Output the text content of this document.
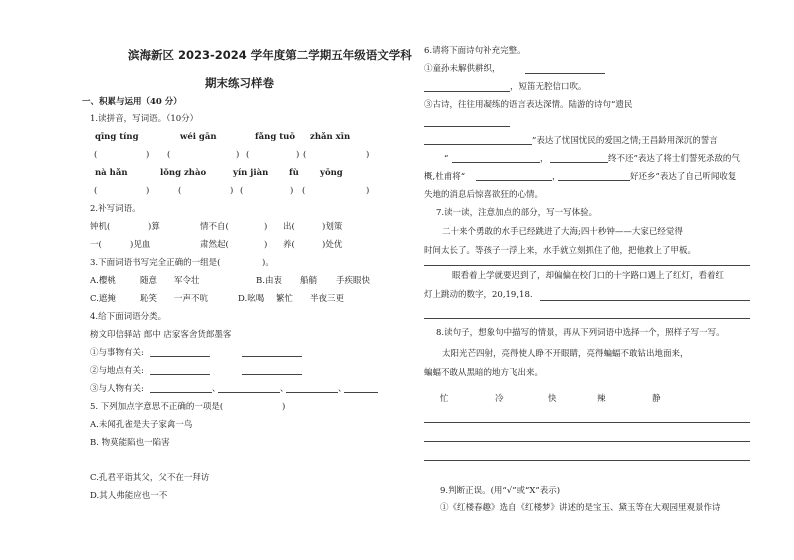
滨海新区 2023-2024 学年度第二学期五年级语文学科
期末练习样卷
一、积累与运用（40 分）
1.读拼音，写词语。（10分）
qīng tíng	wéi gān	fǎng tuō zhǎn xīn
(	) (	) (	) (	)
nà hǎn	lǒng zhào	yín jiàn fù yōng
(	)	(	) (	) (	)
2.补写词语。
钟机(	)算	情不自(	) 出(	)划策
一(	)见血	肃然起(	) 养(	)处优
3.下面词语书写完全正确的一组是(	)。
A.樱桃	随意 军令壮	B.由衷 船艄 手疾眼快
C.遮掩	恥笑 一声不吭	D.吆喝 繁忙 半夜三更
4.给下面词语分类。
榜文印信驿站 郎中 店家客舍货郎墨客
①与事物有关:
②与地点有关:
③与人物有关:	、	、	、
5. 下列加点字意思不正确的一项是(	)
A.未闻孔雀是夫子家禽一鸟
B. 物莫能陷也一陷害
C.孔君平诣其父，父不在一拜访
D.其人弗能应也一不
6.请将下面诗句补充完整。
①童孙未解供耕织，
，短笛无腔信口吹。
③古诗，往往用凝练的语言表达深情。陆游的诗句“遗民
”表达了忧国忧民的爱国之情;王昌龄用深沉的誓言
“	，	终不还”表达了将士们誓死杀敌的气
概,杜甫将“	，	好还乡”表达了自己听闻收复
失地的消息后惊喜欲狂的心情。
7.读一读，注意加点的部分，写一写体验。
二十来个勇敢的水手已经跳进了大海;四十秒钟——大家已经觉得
时间太长了。等孩子一浮上来，水手就立刻抓住了他，把他救上了甲板。
眼看着上学就要迟到了，却偏偏在校门口的十字路口遇上了红灯，看着红
灯上跳动的数字，20,19,18.
8.读句子，想象句中描写的情景，再从下列词语中选择一个，照样子写一写。
太阳光芒四射，亮得使人睁不开眼睛，亮得蝙蝠不敢钻出地面来，
蝙蝠不敢从黑暗的地方飞出来。
忙	冷	快	辣	静
9.判断正误。(用“√”或“X”表示)
①《红楼春趣》选自《红楼梦》讲述的是宝玉、黛玉等在大观园里观景作诗
